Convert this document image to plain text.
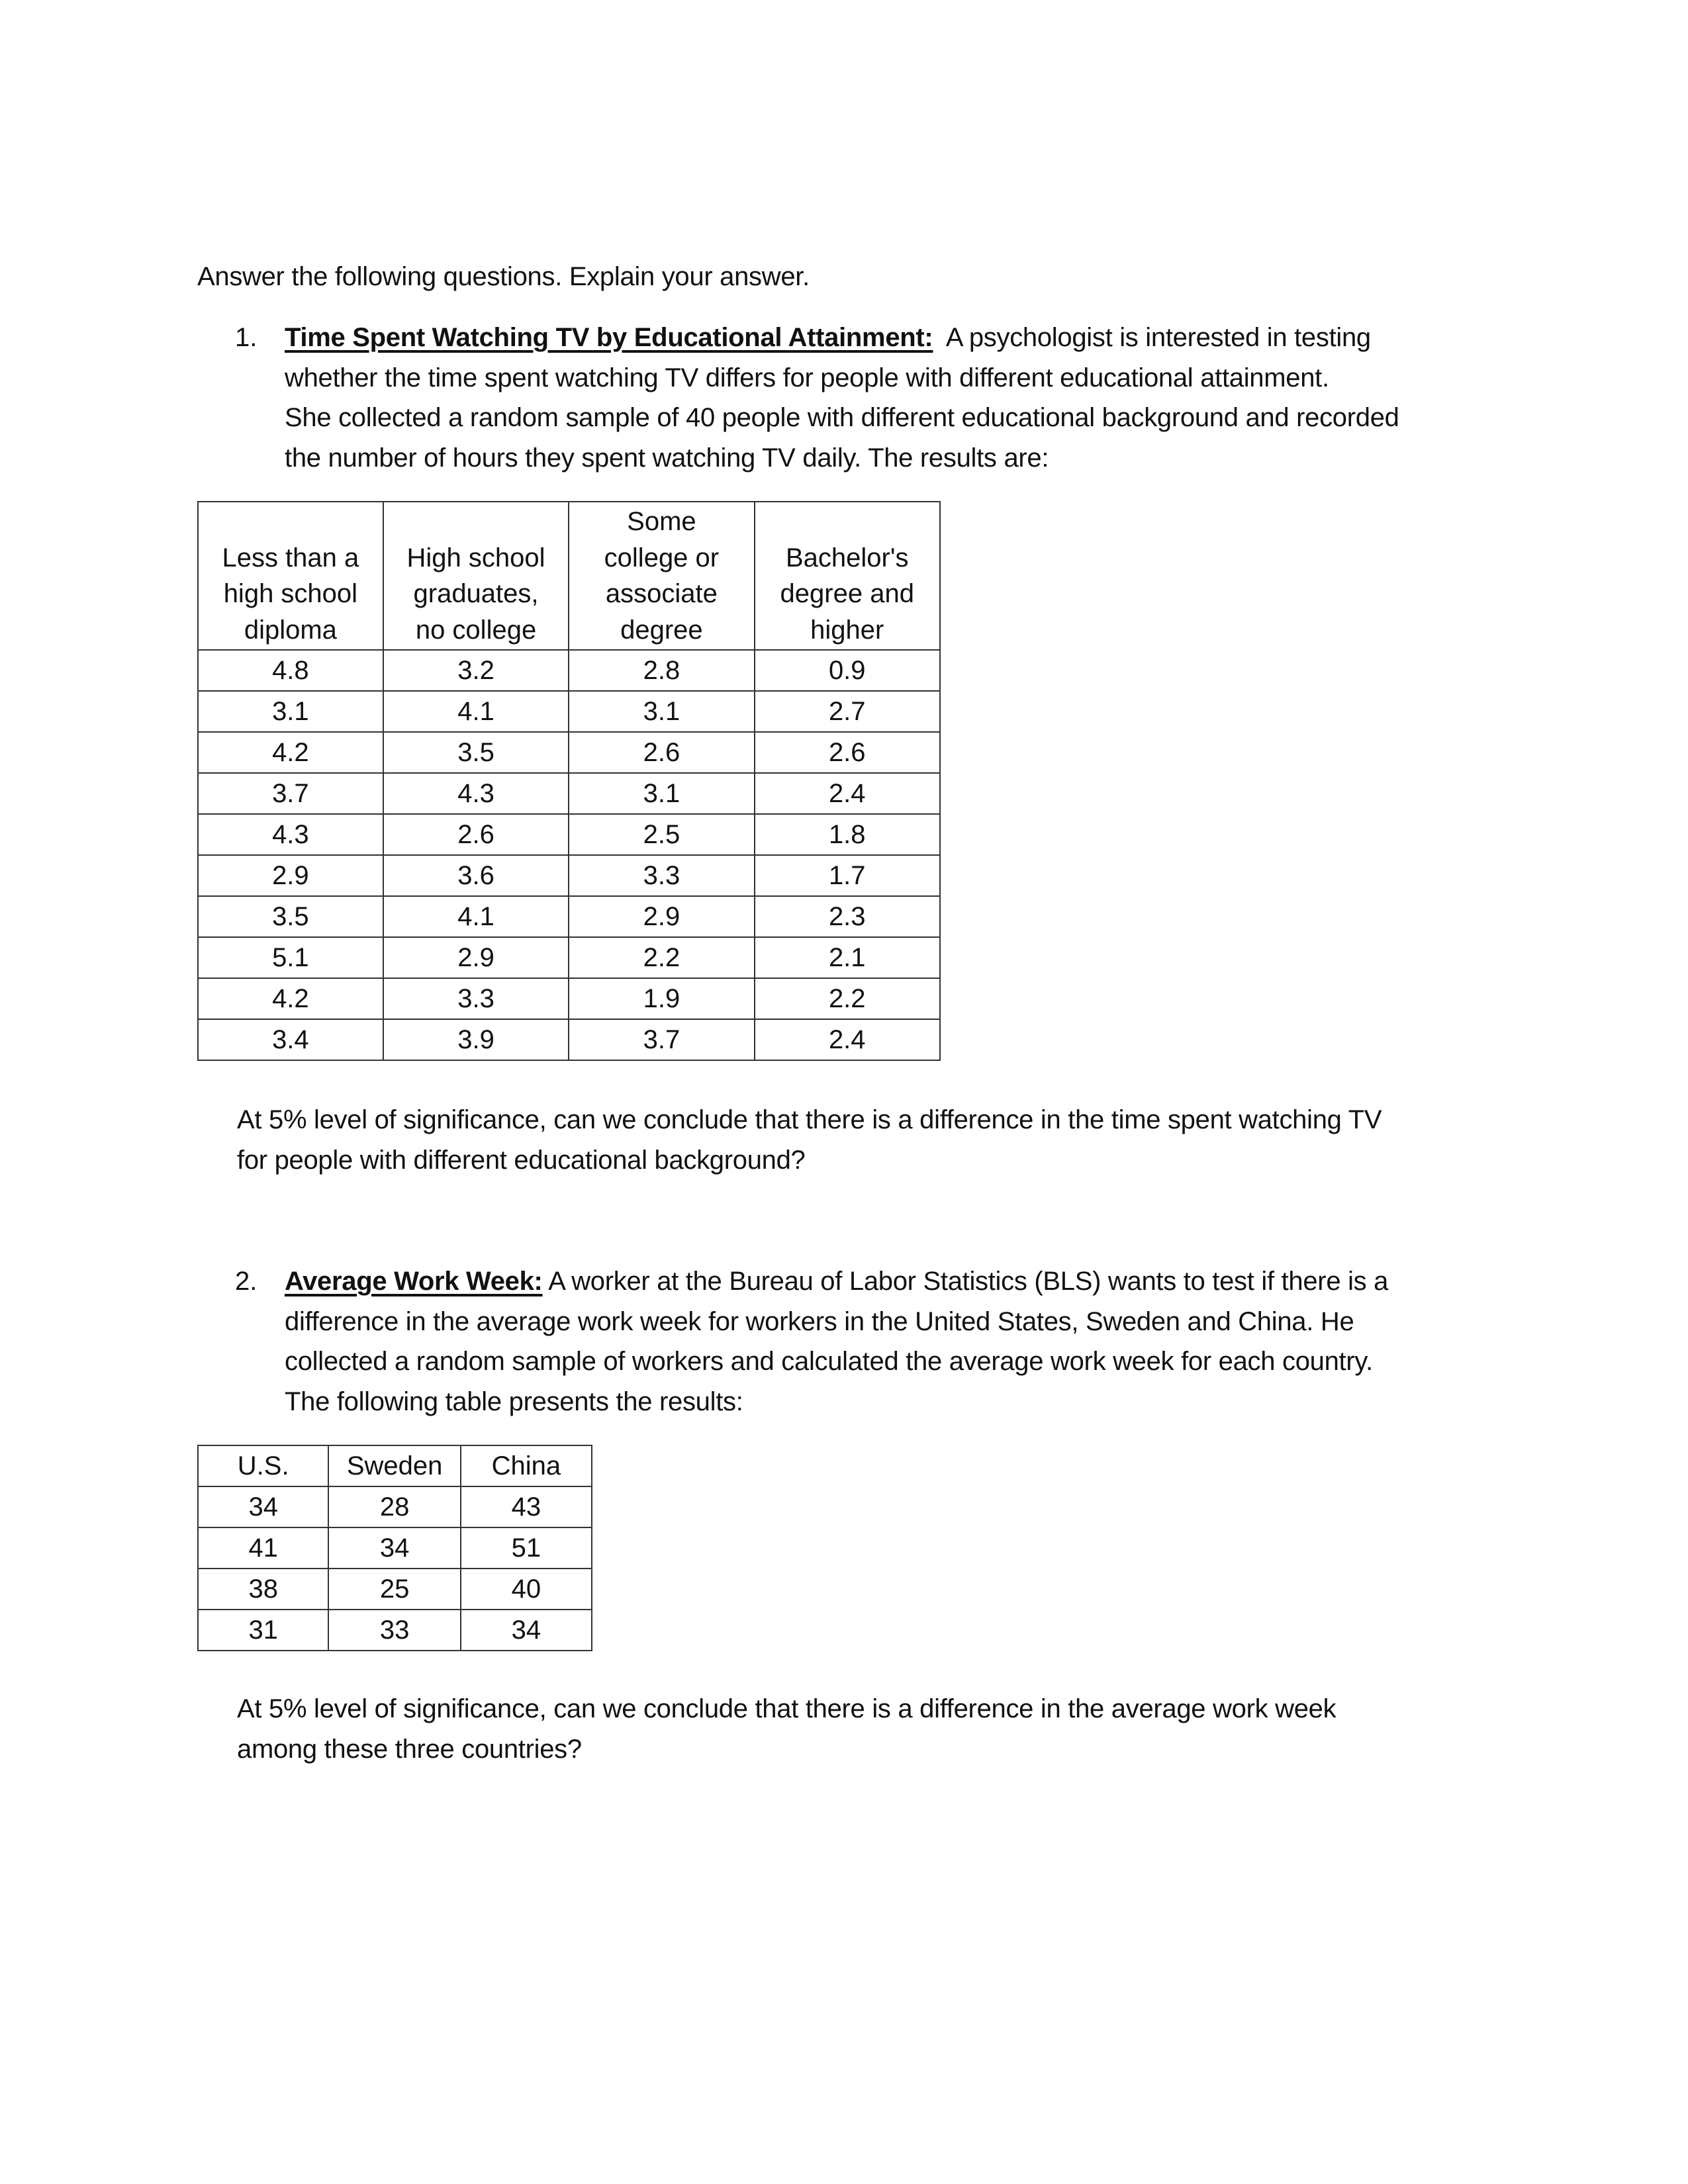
Answer the following questions. Explain your answer.
1. Time Spent Watching TV by Educational Attainment: A psychologist is interested in testing
whether the time spent watching TV differs for people with different educational attainment.
She collected a random sample of 40 people with different educational background and recorded
the number of hours they spent watching TV daily. The results are:
Less than a
high school
diploma

High school
graduates,
no college

Some
college or
associate
degree

Bachelor's
degree and
higher

4.8	3.2	2.8	0.9
3.1	4.1	3.1	2.7
4.2	3.5	2.6	2.6
3.7	4.3	3.1	2.4
4.3	2.6	2.5	1.8
2.9	3.6	3.3	1.7
3.5	4.1	2.9	2.3
5.1	2.9	2.2	2.1
4.2	3.3	1.9	2.2
3.4	3.9	3.7	2.4
At 5% level of significance, can we conclude that there is a difference in the time spent watching TV
for people with different educational background?
2. Average Work Week: A worker at the Bureau of Labor Statistics (BLS) wants to test if there is a
difference in the average work week for workers in the United States, Sweden and China. He
collected a random sample of workers and calculated the average work week for each country.
The following table presents the results:
U.S.	Sweden	China
34	28	43
41	34	51
38	25	40
31	33	34
At 5% level of significance, can we conclude that there is a difference in the average work week
among these three countries?
